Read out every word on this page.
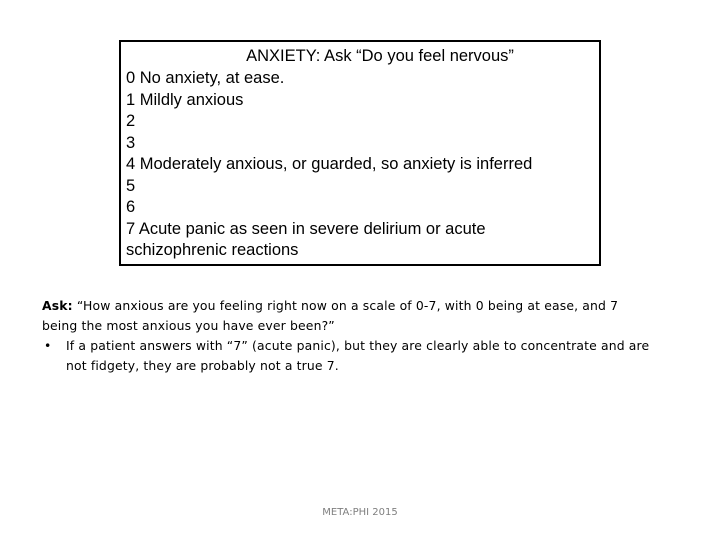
ANXIETY: Ask “Do you feel nervous”
0 No anxiety, at ease.
1 Mildly anxious
2
3
4 Moderately anxious, or guarded, so anxiety is inferred
5
6
7 Acute panic as seen in severe delirium or acute
schizophrenic reactions
Ask: “How anxious are you feeling right now on a scale of 0-7, with 0 being at ease, and 7
being the most anxious you have ever been?”
•	If a patient answers with “7” (acute panic), but they are clearly able to concentrate and are
not fidgety, they are probably not a true 7.
META:PHI 2015
